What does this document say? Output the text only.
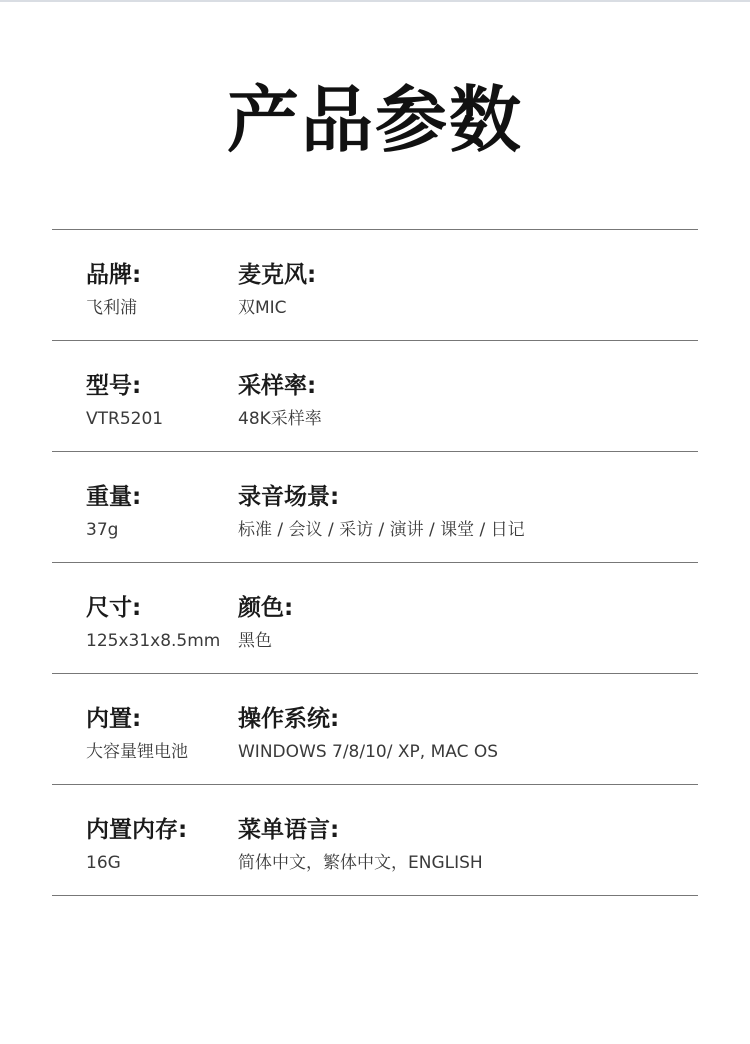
产品参数
品牌:
飞利浦
麦克风:
双MIC
型号:
VTR5201
采样率:
48K采样率
重量:
37g
录音场景:
标准 / 会议 / 采访 / 演讲 / 课堂 / 日记
尺寸:
125x31x8.5mm
颜色:
黑色
内置:
大容量锂电池
操作系统:
WINDOWS 7/8/10/ XP, MAC OS
内置内存:
16G
菜单语言:
简体中文，繁体中文，ENGLISH
